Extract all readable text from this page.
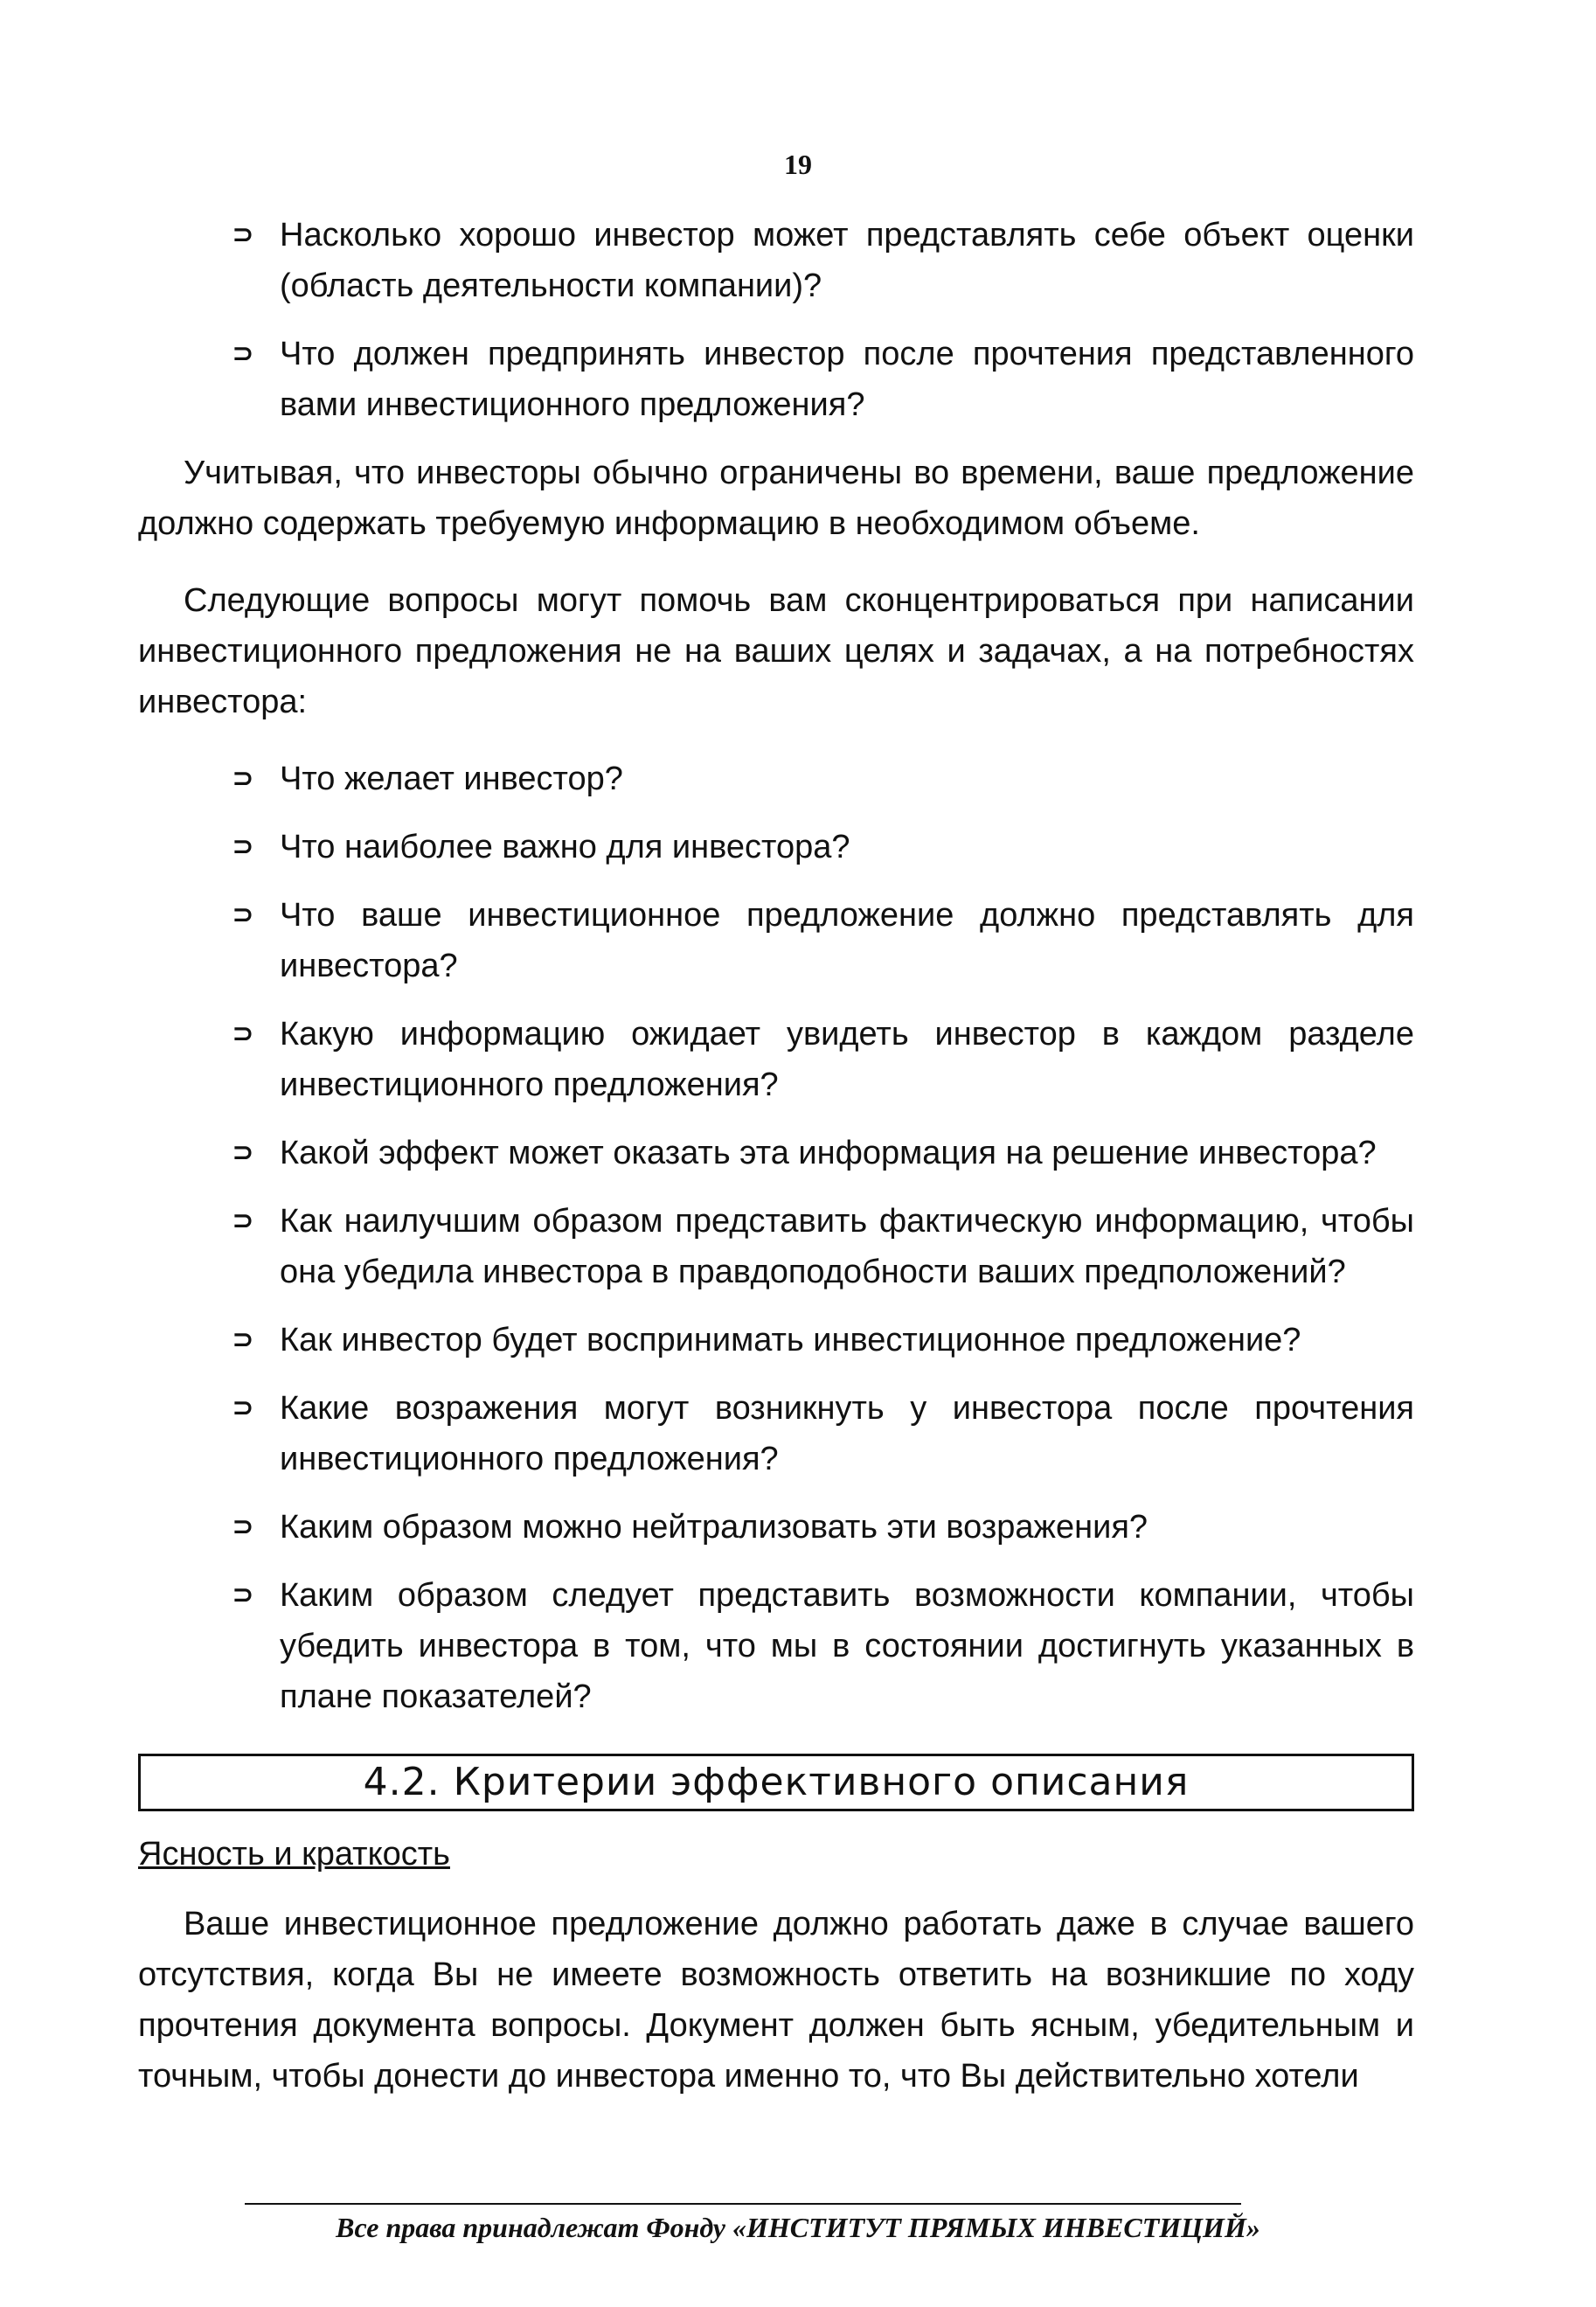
19
⊃ Насколько хорошо инвестор может представлять себе объект оценки (область деятельности компании)?
⊃ Что должен предпринять инвестор после прочтения представленного вами инвестиционного предложения?

Учитывая, что инвесторы обычно ограничены во времени, ваше предложение должно содержать требуемую информацию в необходимом объеме.

Следующие вопросы могут помочь вам сконцентрироваться при написании инвестиционного предложения не на ваших целях и задачах, а на потребностях инвестора:

⊃ Что желает инвестор?
⊃ Что наиболее важно для инвестора?
⊃ Что ваше инвестиционное предложение должно представлять для инвестора?
⊃ Какую информацию ожидает увидеть инвестор в каждом разделе инвестиционного предложения?
⊃ Какой эффект может оказать эта информация на решение инвестора?
⊃ Как наилучшим образом представить фактическую информацию, чтобы она убедила инвестора в правдоподобности ваших предположений?
⊃ Как инвестор будет воспринимать инвестиционное предложение?
⊃ Какие возражения могут возникнуть у инвестора после прочтения инвестиционного предложения?
⊃ Каким образом можно нейтрализовать эти возражения?
⊃ Каким образом следует представить возможности компании, чтобы убедить инвестора в том, что мы в состоянии достигнуть указанных в плане показателей?
4.2. Критерии эффективного описания
Ясность и краткость

Ваше инвестиционное предложение должно работать даже в случае вашего отсутствия, когда Вы не имеете возможность ответить на возникшие по ходу прочтения документа вопросы. Документ должен быть ясным, убедительным и точным, чтобы донести до инвестора именно то, что Вы действительно хотели

Все права принадлежат Фонду «ИНСТИТУТ ПРЯМЫХ ИНВЕСТИЦИЙ»
